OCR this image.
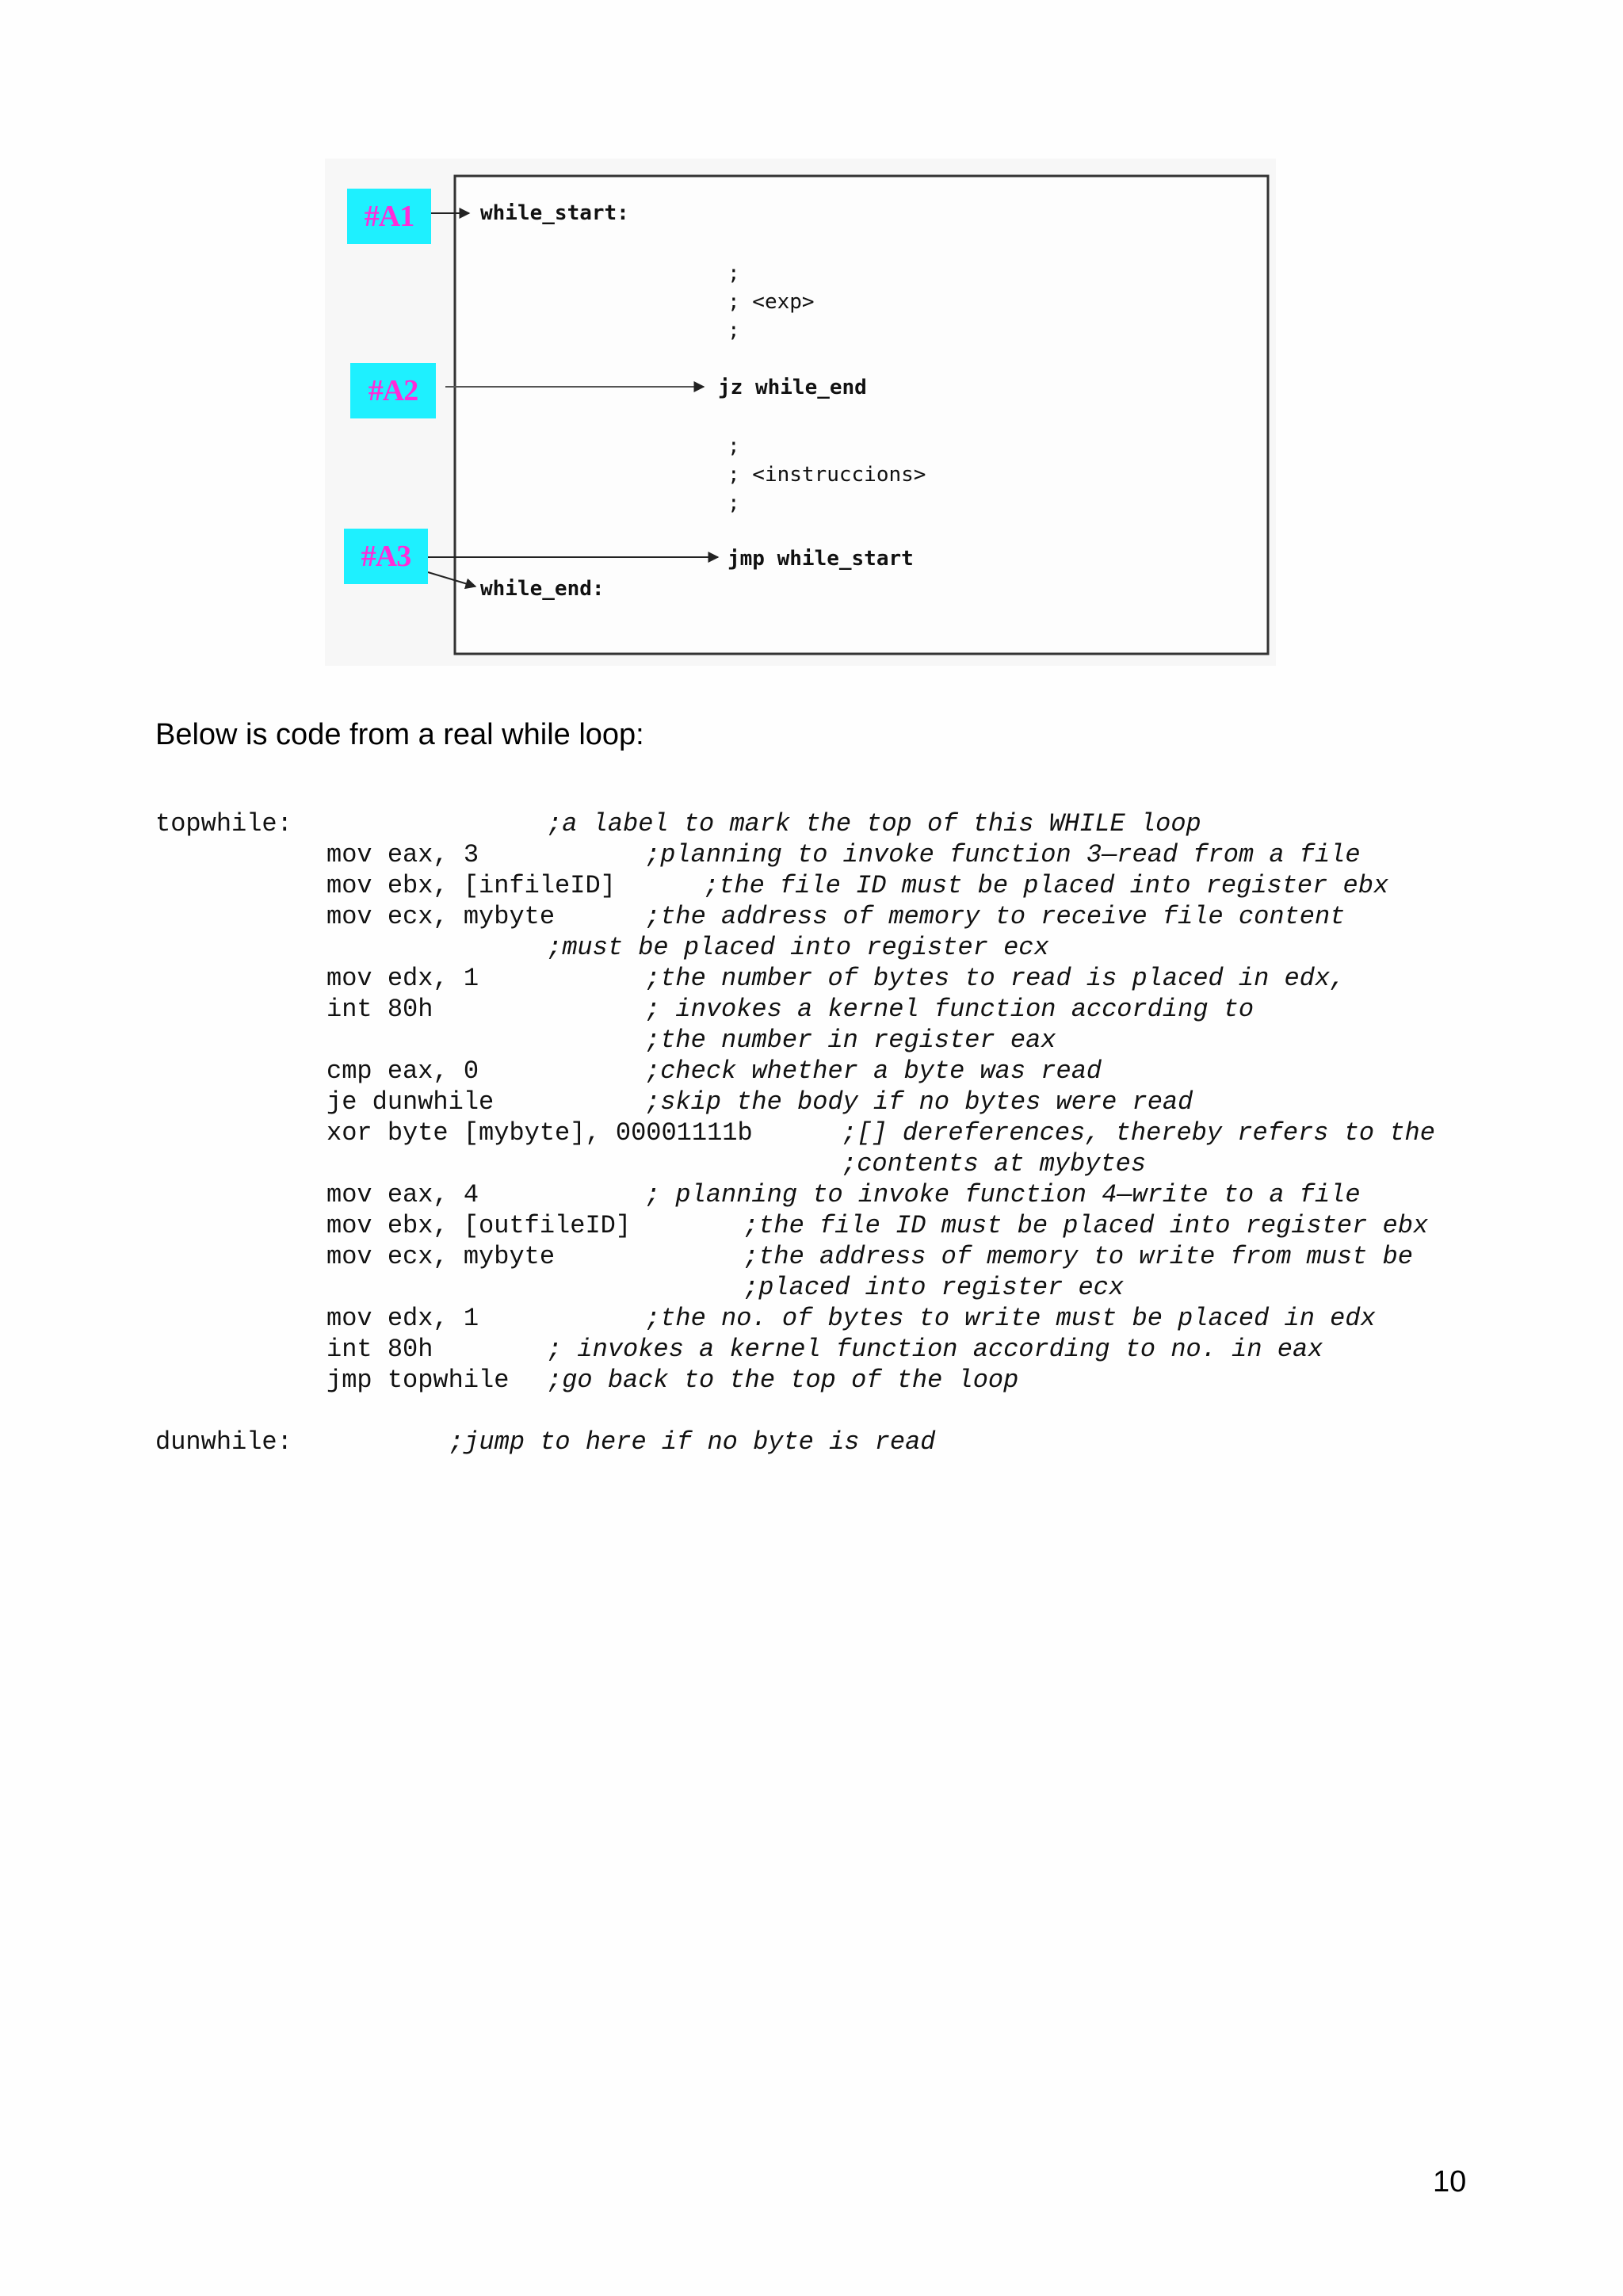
#A1
#A2
#A3
while_start:
;
; <exp>
;
jz while_end
;
; <instruccions>
;
jmp while_start
while_end:
Below is code from a real while loop:
topwhile:	;a label to mark the top of this WHILE loop
mov eax, 3	;planning to invoke function 3—read from a file
mov ebx, [infileID]	;the file ID must be placed into register ebx
mov ecx, mybyte	;the address of memory to receive file content
;must be placed into register ecx
mov edx, 1	;the number of bytes to read is placed in edx,
int 80h	; invokes a kernel function according to
;the number in register eax
cmp eax, 0	;check whether a byte was read
je dunwhile	;skip the body if no bytes were read
xor byte [mybyte], 00001111b	;[] dereferences, thereby refers to the
;contents at mybytes
mov eax, 4	; planning to invoke function 4—write to a file
mov ebx, [outfileID]	;the file ID must be placed into register ebx
mov ecx, mybyte	;the address of memory to write from must be
;placed into register ecx
mov edx, 1	;the no. of bytes to write must be placed in edx
int 80h	; invokes a kernel function according to no. in eax
jmp topwhile ;go back to the top of the loop
dunwhile:	;jump to here if no byte is read
10
